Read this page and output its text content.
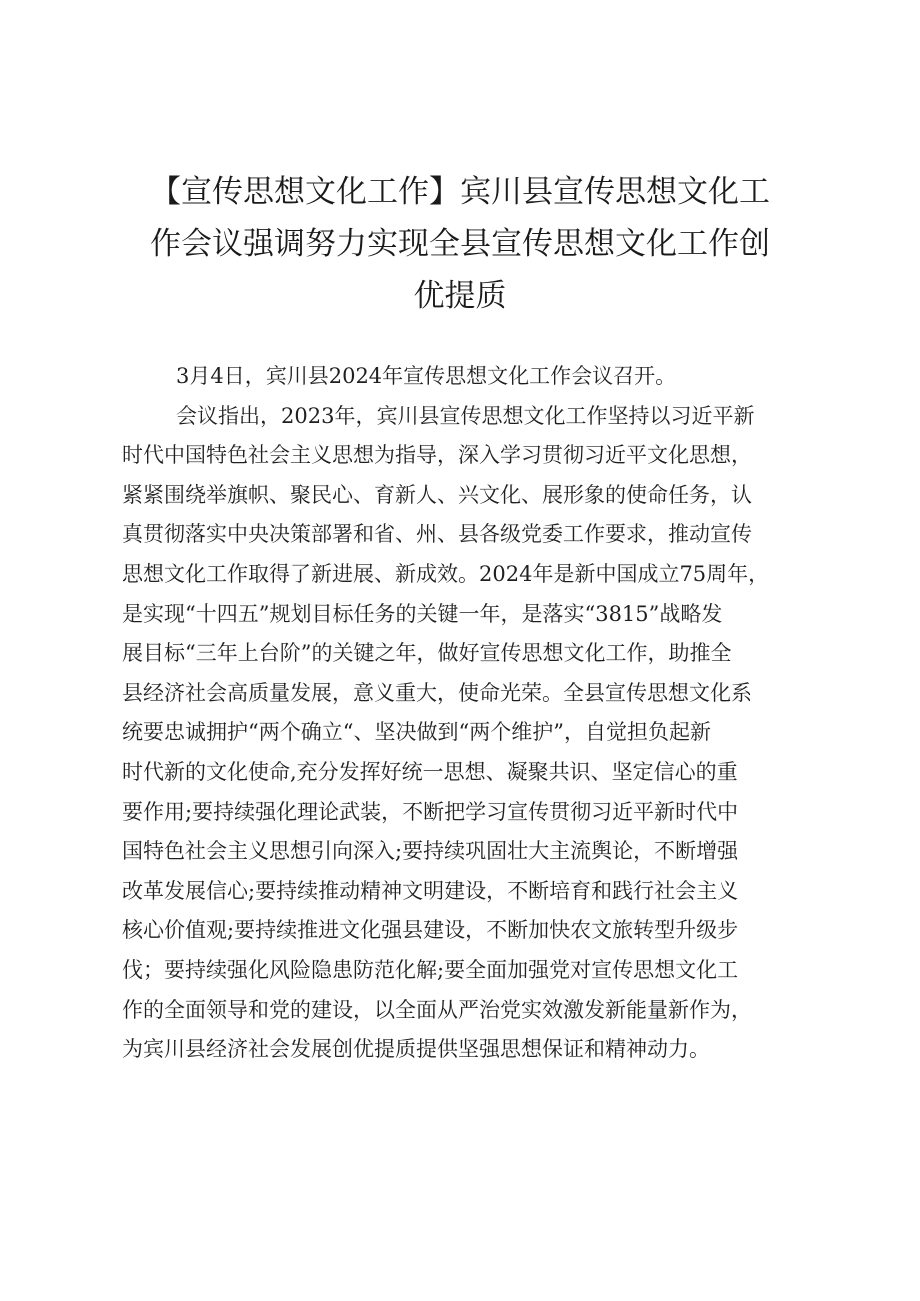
【宣传思想文化工作】宾川县宣传思想文化工
作会议强调努力实现全县宣传思想文化工作创
优提质
3月4日，宾川县2024年宣传思想文化工作会议召开。
会议指出，2023年，宾川县宣传思想文化工作坚持以习近平新
时代中国特色社会主义思想为指导，深入学习贯彻习近平文化思想，
紧紧围绕举旗帜、聚民心、育新人、兴文化、展形象的使命任务，认
真贯彻落实中央决策部署和省、州、县各级党委工作要求，推动宣传
思想文化工作取得了新进展、新成效。2024年是新中国成立75周年，
是实现“十四五”规划目标任务的关键一年，是落实“3815”战略发
展目标“三年上台阶”的关键之年，做好宣传思想文化工作，助推全
县经济社会高质量发展，意义重大，使命光荣。全县宣传思想文化系
统要忠诚拥护“两个确立“、坚决做到“两个维护”，自觉担负起新
时代新的文化使命,充分发挥好统一思想、凝聚共识、坚定信心的重
要作用;要持续强化理论武装，不断把学习宣传贯彻习近平新时代中
国特色社会主义思想引向深入;要持续巩固壮大主流舆论，不断增强
改革发展信心;要持续推动精神文明建设，不断培育和践行社会主义
核心价值观;要持续推进文化强县建设，不断加快农文旅转型升级步
伐；要持续强化风险隐患防范化解;要全面加强党对宣传思想文化工
作的全面领导和党的建设，以全面从严治党实效激发新能量新作为，
为宾川县经济社会发展创优提质提供坚强思想保证和精神动力。
